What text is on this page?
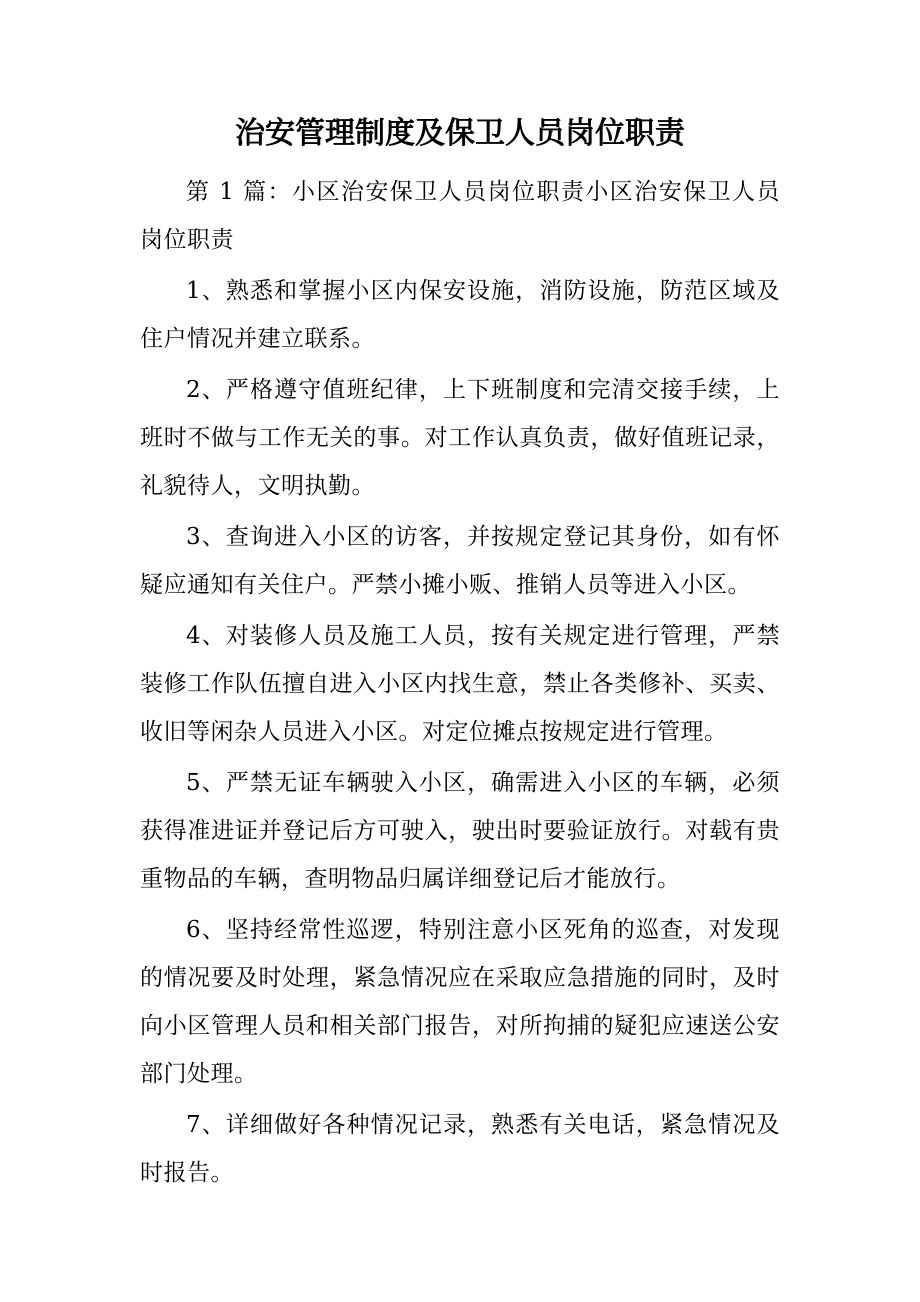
治安管理制度及保卫人员岗位职责

第 1 篇：小区治安保卫人员岗位职责小区治安保卫人员岗位职责

1、熟悉和掌握小区内保安设施，消防设施，防范区域及住户情况并建立联系。

2、严格遵守值班纪律，上下班制度和完清交接手续，上班时不做与工作无关的事。对工作认真负责，做好值班记录，礼貌待人，文明执勤。

3、查询进入小区的访客，并按规定登记其身份，如有怀疑应通知有关住户。严禁小摊小贩、推销人员等进入小区。

4、对装修人员及施工人员，按有关规定进行管理，严禁装修工作队伍擅自进入小区内找生意，禁止各类修补、买卖、收旧等闲杂人员进入小区。对定位摊点按规定进行管理。

5、严禁无证车辆驶入小区，确需进入小区的车辆，必须获得准进证并登记后方可驶入，驶出时要验证放行。对载有贵重物品的车辆，查明物品归属详细登记后才能放行。

6、坚持经常性巡逻，特别注意小区死角的巡查，对发现的情况要及时处理，紧急情况应在采取应急措施的同时，及时向小区管理人员和相关部门报告，对所拘捕的疑犯应速送公安部门处理。

7、详细做好各种情况记录，熟悉有关电话，紧急情况及时报告。
